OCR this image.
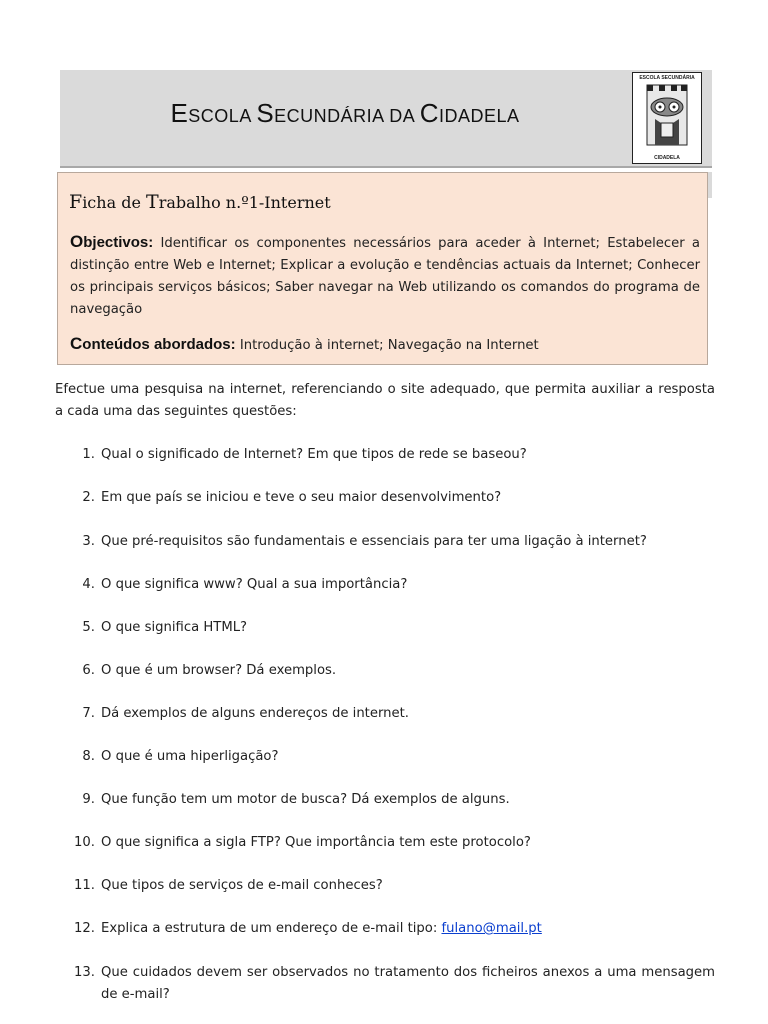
ESCOLA SECUNDÁRIA DA CIDADELA
ESCOLA SECUNDÁRIA
CIDADELA
Ficha de Trabalho n.º1-Internet
Objectivos: Identificar os componentes necessários para aceder à Internet; Estabelecer a distinção entre Web e Internet; Explicar a evolução e tendências actuais da Internet; Conhecer os principais serviços básicos; Saber navegar na Web utilizando os comandos do programa de navegação
Conteúdos abordados: Introdução à internet; Navegação na Internet
Efectue uma pesquisa na internet, referenciando o site adequado, que permita auxiliar a resposta a cada uma das seguintes questões:
1. Qual o significado de Internet? Em que tipos de rede se baseou?
2. Em que país se iniciou e teve o seu maior desenvolvimento?
3. Que pré-requisitos são fundamentais e essenciais para ter uma ligação à internet?
4. O que significa www? Qual a sua importância?
5. O que significa HTML?
6. O que é um browser? Dá exemplos.
7. Dá exemplos de alguns endereços de internet.
8. O que é uma hiperligação?
9. Que função tem um motor de busca? Dá exemplos de alguns.
10. O que significa a sigla FTP? Que importância tem este protocolo?
11. Que tipos de serviços de e-mail conheces?
12. Explica a estrutura de um endereço de e-mail tipo: fulano@mail.pt
13. Que cuidados devem ser observados no tratamento dos ficheiros anexos a uma mensagem de e-mail?
